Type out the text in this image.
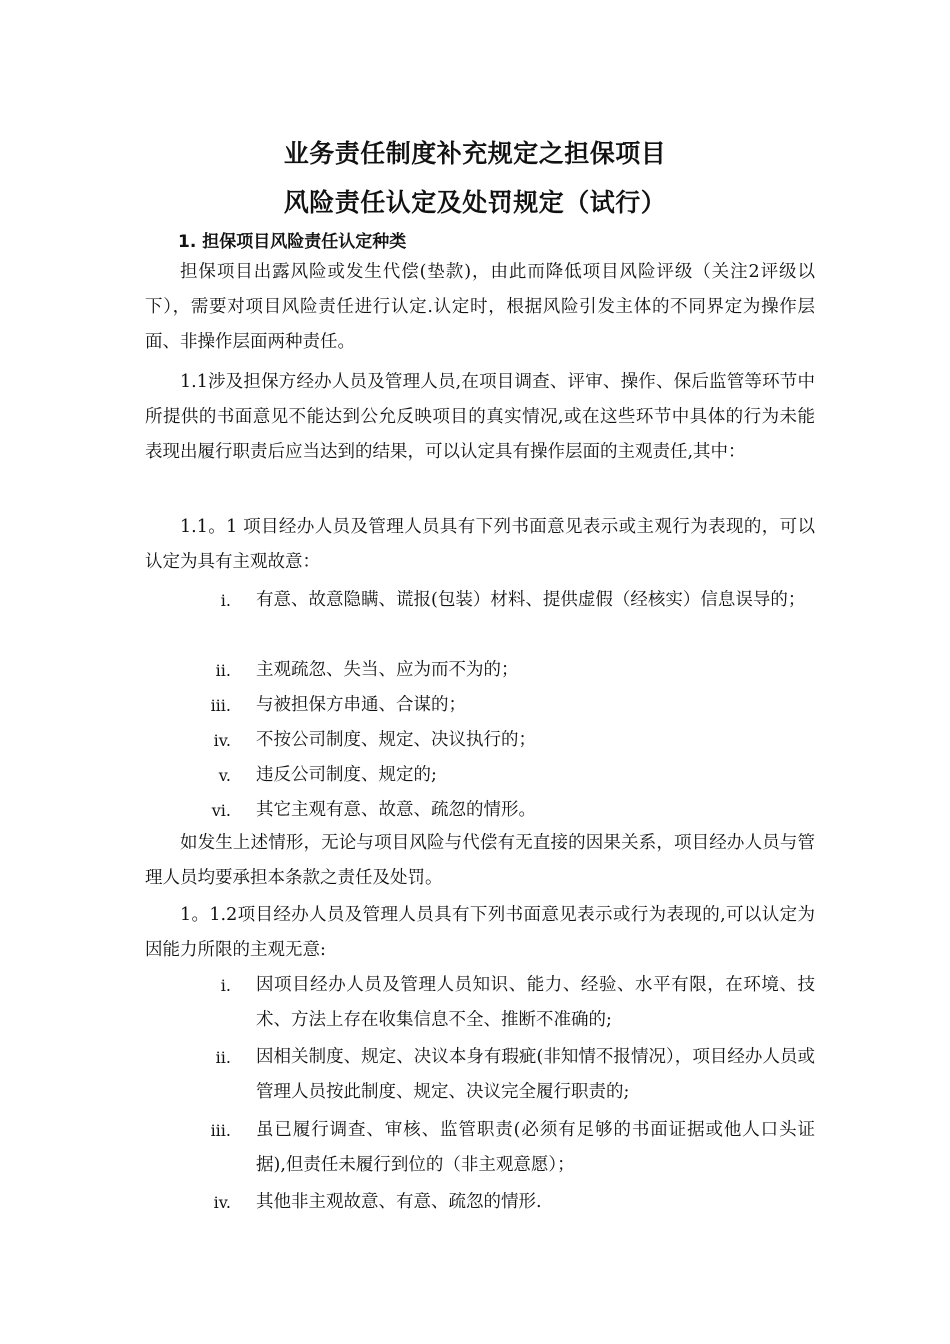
业务责任制度补充规定之担保项目
风险责任认定及处罚规定（试行）
1. 担保项目风险责任认定种类

担保项目出露风险或发生代偿(垫款)，由此而降低项目风险评级（关注2评级以下），需要对项目风险责任进行认定.认定时，根据风险引发主体的不同界定为操作层面、非操作层面两种责任。

1.1涉及担保方经办人员及管理人员,在项目调查、评审、操作、保后监管等环节中所提供的书面意见不能达到公允反映项目的真实情况,或在这些环节中具体的行为未能表现出履行职责后应当达到的结果，可以认定具有操作层面的主观责任,其中：

1.1。1 项目经办人员及管理人员具有下列书面意见表示或主观行为表现的，可以认定为具有主观故意：

i. 有意、故意隐瞒、谎报(包装）材料、提供虚假（经核实）信息误导的；
ii. 主观疏忽、失当、应为而不为的；
iii. 与被担保方串通、合谋的；
iv. 不按公司制度、规定、决议执行的；
v. 违反公司制度、规定的;
vi. 其它主观有意、故意、疏忽的情形。

如发生上述情形，无论与项目风险与代偿有无直接的因果关系，项目经办人员与管理人员均要承担本条款之责任及处罚。

1。1.2项目经办人员及管理人员具有下列书面意见表示或行为表现的,可以认定为因能力所限的主观无意:

i. 因项目经办人员及管理人员知识、能力、经验、水平有限，在环境、技术、方法上存在收集信息不全、推断不准确的;
ii. 因相关制度、规定、决议本身有瑕疵(非知情不报情况），项目经办人员或管理人员按此制度、规定、决议完全履行职责的;
iii. 虽已履行调查、审核、监管职责(必须有足够的书面证据或他人口头证据),但责任未履行到位的（非主观意愿）；
iv. 其他非主观故意、有意、疏忽的情形.
